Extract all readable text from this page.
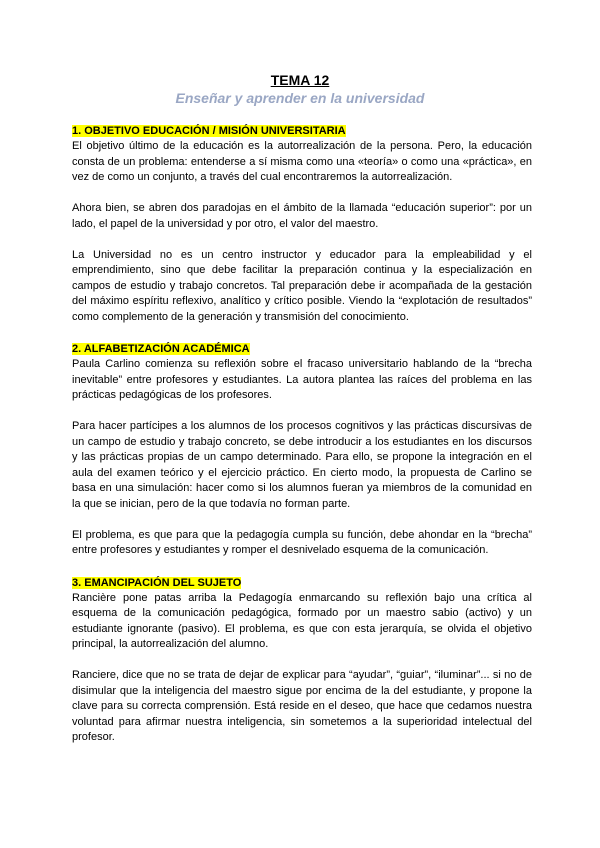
TEMA 12
Enseñar y aprender en la universidad
1. OBJETIVO EDUCACIÓN / MISIÓN UNIVERSITARIA

El objetivo último de la educación es la autorrealización de la persona. Pero, la educación consta de un problema: entenderse a sí misma como una «teoría» o como una «práctica», en vez de como un conjunto, a través del cual encontraremos la autorrealización.

Ahora bien, se abren dos paradojas en el ámbito de la llamada “educación superior”: por un lado, el papel de la universidad y por otro, el valor del maestro.

La Universidad no es un centro instructor y educador para la empleabilidad y el emprendimiento, sino que debe facilitar la preparación continua y la especialización en campos de estudio y trabajo concretos. Tal preparación debe ir acompañada de la gestación del máximo espíritu reflexivo, analítico y crítico posible. Viendo la “explotación de resultados” como complemento de la generación y transmisión del conocimiento.

2. ALFABETIZACIÓN ACADÉMICA

Paula Carlino comienza su reflexión sobre el fracaso universitario hablando de la “brecha inevitable” entre profesores y estudiantes. La autora plantea las raíces del problema en las prácticas pedagógicas de los profesores.

Para hacer partícipes a los alumnos de los procesos cognitivos y las prácticas discursivas de un campo de estudio y trabajo concreto, se debe introducir a los estudiantes en los discursos y las prácticas propias de un campo determinado. Para ello, se propone la integración en el aula del examen teórico y el ejercicio práctico. En cierto modo, la propuesta de Carlino se basa en una simulación: hacer como si los alumnos fueran ya miembros de la comunidad en la que se inician, pero de la que todavía no forman parte.

El problema, es que para que la pedagogía cumpla su función, debe ahondar en la “brecha” entre profesores y estudiantes y romper el desnivelado esquema de la comunicación.

3. EMANCIPACIÓN DEL SUJETO

Rancière pone patas arriba la Pedagogía enmarcando su reflexión bajo una crítica al esquema de la comunicación pedagógica, formado por un maestro sabio (activo) y un estudiante ignorante (pasivo). El problema, es que con esta jerarquía, se olvida el objetivo principal, la autorrealización del alumno.

Ranciere, dice que no se trata de dejar de explicar para “ayudar”, “guiar”, “iluminar”... si no de disimular que la inteligencia del maestro sigue por encima de la del estudiante, y propone la clave para su correcta comprensión. Está reside en el deseo, que hace que cedamos nuestra voluntad para afirmar nuestra inteligencia, sin sometemos a la superioridad intelectual del profesor.
